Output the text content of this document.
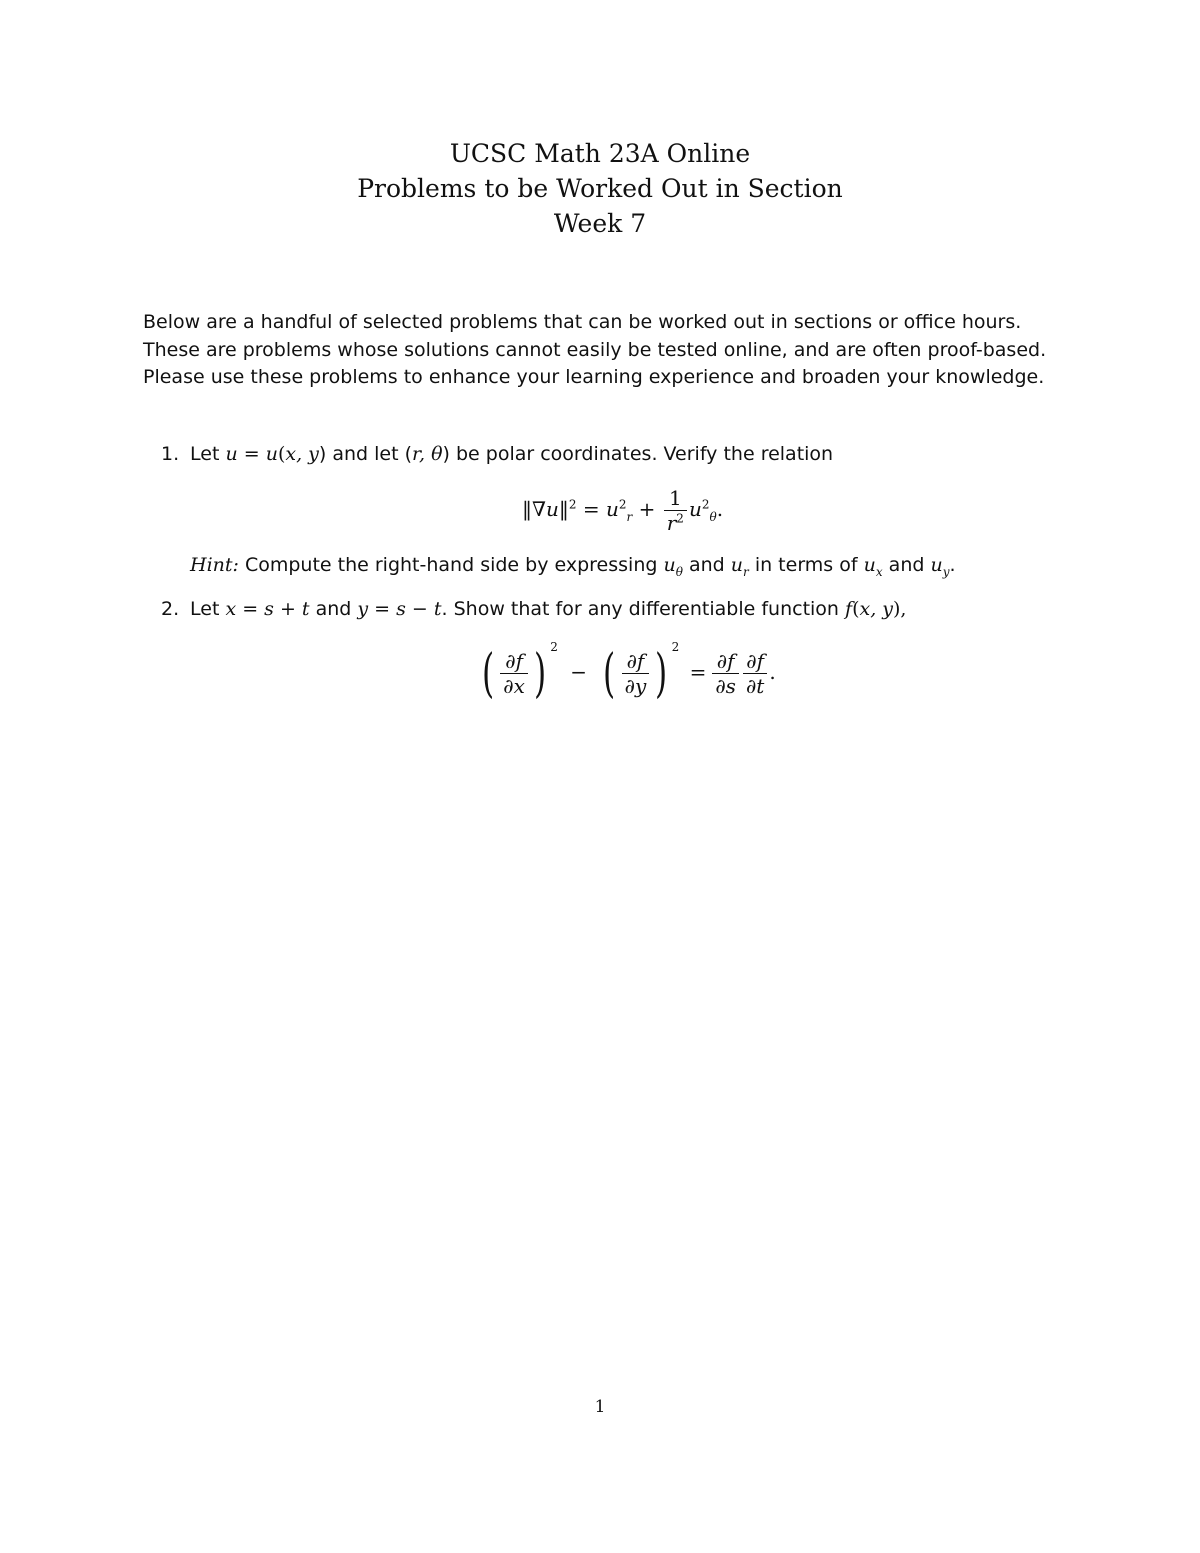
UCSC Math 23A Online
Problems to be Worked Out in Section
Week 7
Below are a handful of selected problems that can be worked out in sections or office hours.
These are problems whose solutions cannot easily be tested online, and are often proof-based.
Please use these problems to enhance your learning experience and broaden your knowledge.
1. Let u = u(x, y) and let (r, θ) be polar coordinates. Verify the relation
‖∇u‖$^2$ = $u^2_r + \frac{1}{r^2} u^2_\theta$.
Hint: Compute the right-hand side by expressing $u_\theta$ and $u_r$ in terms of $u_x$ and $u_y$.
2. Let x = s + t and y = s − t. Show that for any differentiable function f(x, y),
( $\frac{\partial f}{\partial x}$ ) $^2$ − ( $\frac{\partial f}{\partial y}$ ) $^2 = \frac{\partial f}{\partial s} \frac{\partial f}{\partial t}$ .
1
